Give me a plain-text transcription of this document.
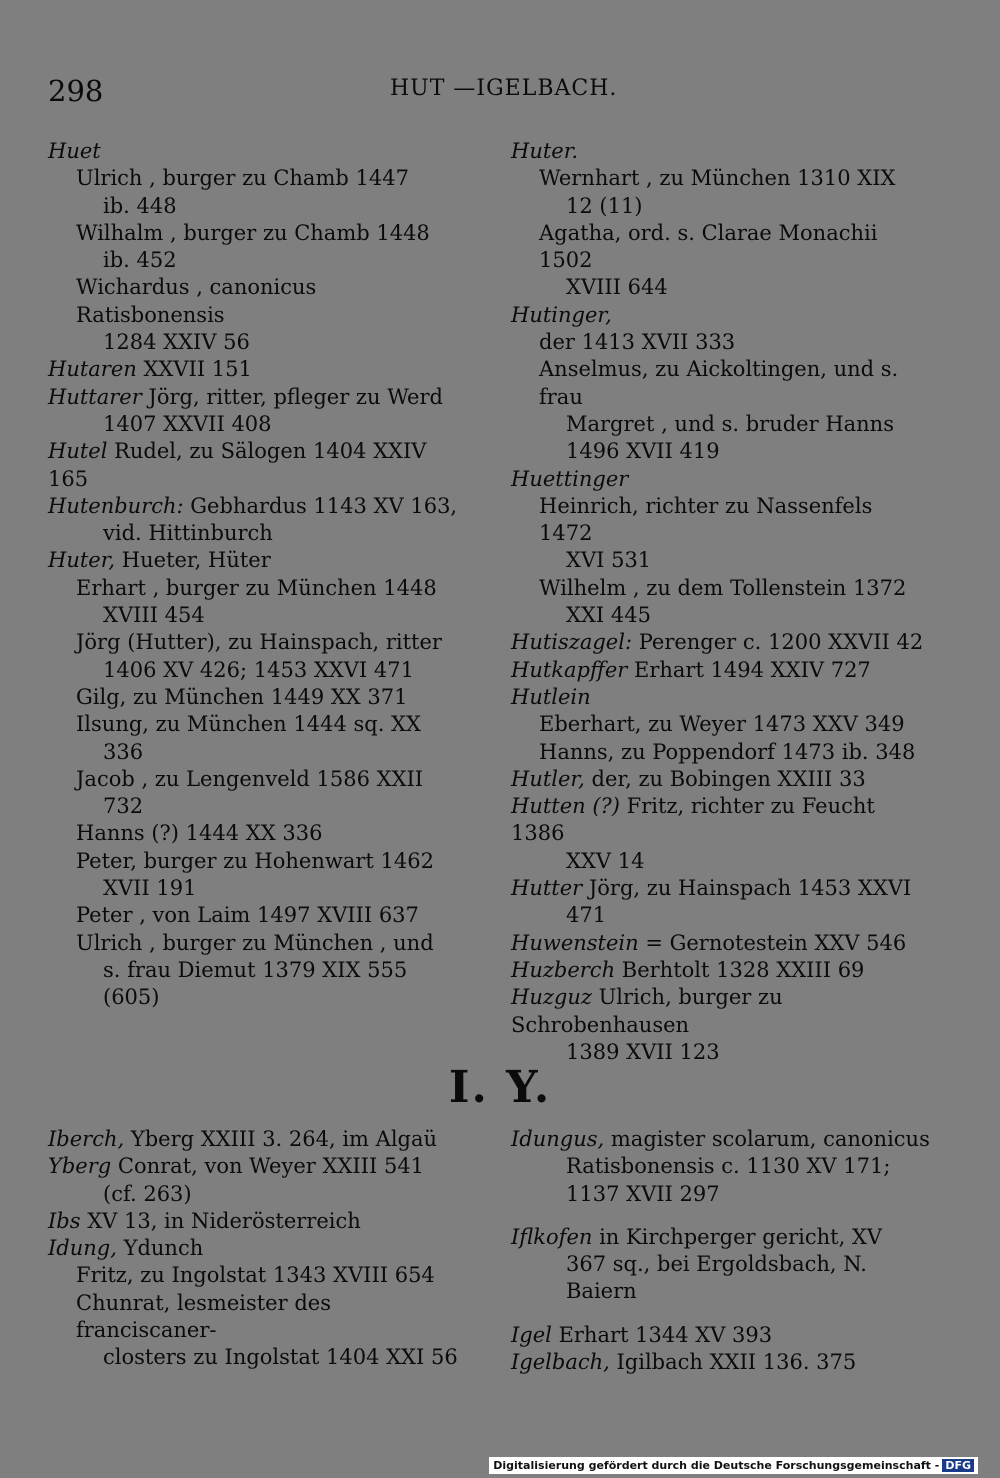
298	HUT —IGELBACH.
Huet
Ulrich , burger zu Chamb 1447
ib. 448
Wilhalm , burger zu Chamb 1448
ib. 452
Wichardus , canonicus Ratisbonensis
1284 XXIV 56
Hutaren XXVII 151
Huttarer Jörg, ritter, pfleger zu Werd
1407 XXVII 408
Hutel Rudel, zu Sälogen 1404 XXIV 165
Hutenburch: Gebhardus 1143 XV 163,
vid. Hittinburch
Huter, Hueter, Hüter
Erhart , burger zu München 1448
XVIII 454
Jörg (Hutter), zu Hainspach, ritter
1406 XV 426; 1453 XXVI 471
Gilg, zu München 1449 XX 371
Ilsung, zu München 1444 sq. XX
336
Jacob , zu Lengenveld 1586 XXII
732
Hanns (?) 1444 XX 336
Peter, burger zu Hohenwart 1462
XVII 191
Peter , von Laim 1497 XVIII 637
Ulrich , burger zu München , und
s. frau Diemut 1379 XIX 555
(605)
Huter.
Wernhart , zu München 1310 XIX
12 (11)
Agatha, ord. s. Clarae Monachii 1502
XVIII 644
Hutinger,
der 1413 XVII 333
Anselmus, zu Aickoltingen, und s. frau
Margret , und s. bruder Hanns
1496 XVII 419
Huettinger
Heinrich, richter zu Nassenfels 1472
XVI 531
Wilhelm , zu dem Tollenstein 1372
XXI 445
Hutiszagel: Perenger c. 1200 XXVII 42
Hutkapffer Erhart 1494 XXIV 727
Hutlein
Eberhart, zu Weyer 1473 XXV 349
Hanns, zu Poppendorf 1473 ib. 348
Hutler, der, zu Bobingen XXIII 33
Hutten (?) Fritz, richter zu Feucht 1386
XXV 14
Hutter Jörg, zu Hainspach 1453 XXVI
471
Huwenstein = Gernotestein XXV 546
Huzberch Berhtolt 1328 XXIII 69
Huzguz Ulrich, burger zu Schrobenhausen
1389 XVII 123
I. Y.
Iberch, Yberg XXIII 3. 264, im Algaü
Yberg Conrat, von Weyer XXIII 541
(cf. 263)
Ibs XV 13, in Niderösterreich
Idung, Ydunch
Fritz, zu Ingolstat 1343 XVIII 654
Chunrat, lesmeister des franciscaner-
closters zu Ingolstat 1404 XXI 56
Idungus, magister scolarum, canonicus
Ratisbonensis c. 1130 XV 171;
1137 XVII 297
Iflkofen in Kirchperger gericht, XV
367 sq., bei Ergoldsbach, N. Baiern
Igel Erhart 1344 XV 393
Igelbach, Igilbach XXII 136. 375
Digitalisierung gefördert durch die Deutsche Forschungsgemeinschaft - DFG
